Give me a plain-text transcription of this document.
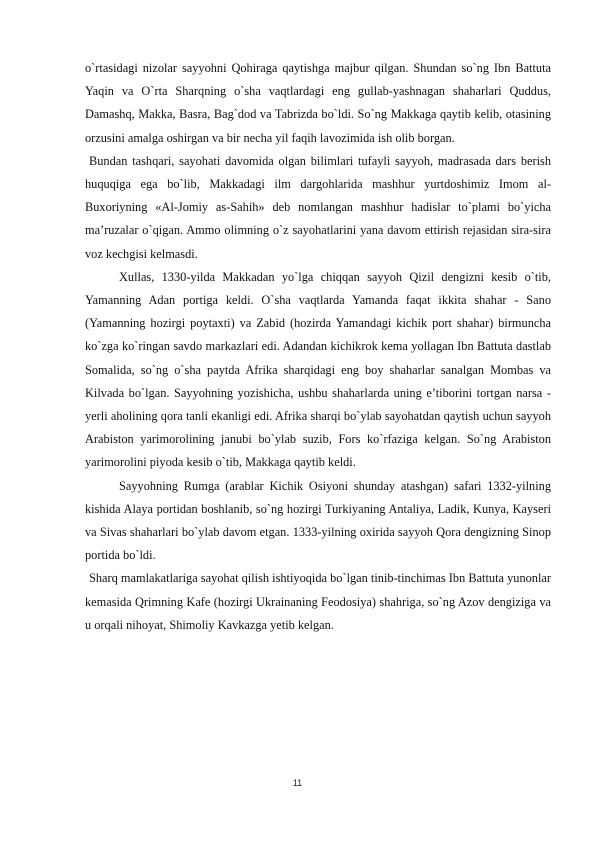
o`rtasidagi nizolar sayyohni Qohiraga qaytishga majbur qilgan. Shundan so`ng Ibn Battuta Yaqin va O`rta Sharqning o`sha vaqtlardagi eng gullab-yashnagan shaharlari Quddus, Damashq, Makka, Basra, Bag`dod va Tabrizda bo`ldi. So`ng Makkaga qaytib kelib, otasining orzusini amalga oshirgan va bir necha yil faqih lavozimida ish olib borgan.

Bundan tashqari, sayohati davomida olgan bilimlari tufayli sayyoh, madrasada dars berish huquqiga ega bo`lib, Makkadagi ilm dargohlarida mashhur yurtdoshimiz Imom al-Buxoriyning «Al-Jomiy as-Sahih» deb nomlangan mashhur hadislar to`plami bo`yicha ma’ruzalar o`qigan. Ammo olimning o`z sayohatlarini yana davom ettirish rejasidan sira-sira voz kechgisi kelmasdi.

Xullas, 1330-yilda Makkadan yo`lga chiqqan sayyoh Qizil dengizni kesib o`tib, Yamanning Adan portiga keldi. O`sha vaqtlarda Yamanda faqat ikkita shahar - Sano (Yamanning hozirgi poytaxti) va Zabid (hozirda Yamandagi kichik port shahar) birmuncha ko`zga ko`ringan savdo markazlari edi. Adandan kichikrok kema yollagan Ibn Battuta dastlab Somalida, so`ng o`sha paytda Afrika sharqidagi eng boy shaharlar sanalgan Mombas va Kilvada bo`lgan. Sayyohning yozishicha, ushbu shaharlarda uning e’tiborini tortgan narsa - yerli aholining qora tanli ekanligi edi. Afrika sharqi bo`ylab sayohatdan qaytish uchun sayyoh Arabiston yarimorolining janubi bo`ylab suzib, Fors ko`rfaziga kelgan. So`ng Arabiston yarimorolini piyoda kesib o`tib, Makkaga qaytib keldi.

Sayyohning Rumga (arablar Kichik Osiyoni shunday atashgan) safari 1332-yilning kishida Alaya portidan boshlanib, so`ng hozirgi Turkiyaning Antaliya, Ladik, Kunya, Kayseri va Sivas shaharlari bo`ylab davom etgan. 1333-yilning oxirida sayyoh Qora dengizning Sinop portida bo`ldi.

Sharq mamlakatlariga sayohat qilish ishtiyoqida bo`lgan tinib-tinchimas Ibn Battuta yunonlar kemasida Qrimning Kafe (hozirgi Ukrainaning Feodosiya) shahriga, so`ng Azov dengiziga va u orqali nihoyat, Shimoliy Kavkazga yetib kelgan.

11
